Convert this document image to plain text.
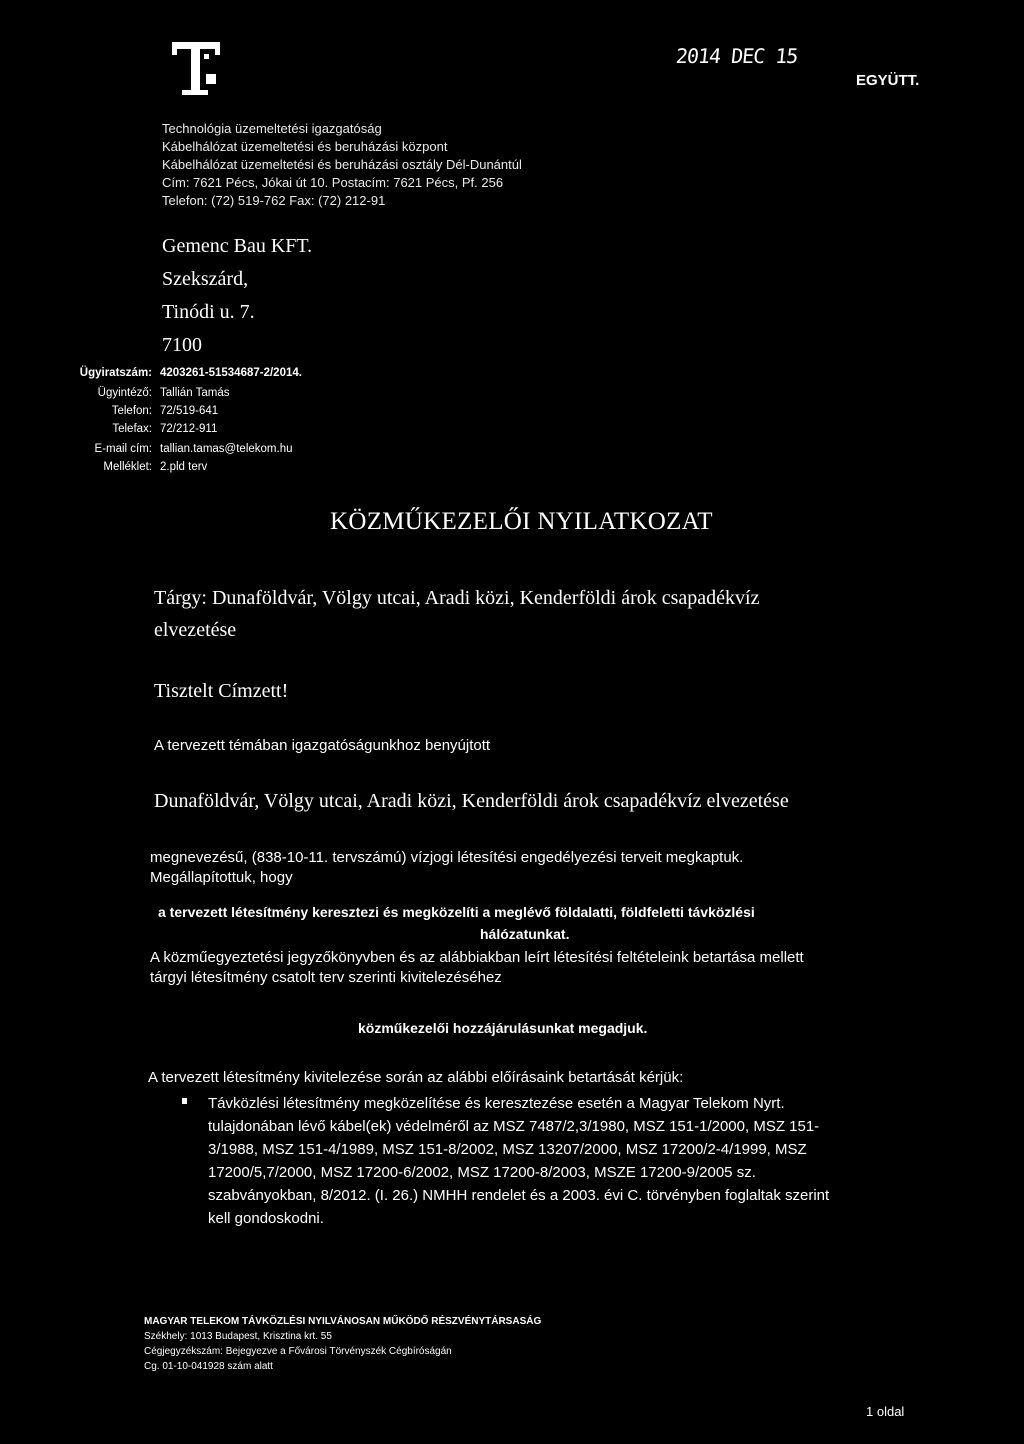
2014 DEC 15
EGYÜTT.
Technológia üzemeltetési igazgatóság
Kábelhálózat üzemeltetési és beruházási központ
Kábelhálózat üzemeltetési és beruházási osztály Dél-Dunántúl
Cím: 7621 Pécs, Jókai út 10. Postacím: 7621 Pécs, Pf. 256
Telefon: (72) 519-762 Fax: (72) 212-91
Gemenc Bau KFT.
Szekszárd,
Tinódi u. 7.
7100
Ügyiratszám: 4203261-51534687-2/2014.
Ügyintéző: Tallián Tamás
Telefon: 72/519-641
Telefax: 72/212-911
E-mail cím: tallian.tamas@telekom.hu
Melléklet: 2.pld terv
KÖZMŰKEZELŐI NYILATKOZAT
Tárgy: Dunaföldvár, Völgy utcai, Aradi közi, Kenderföldi árok csapadékvíz
elvezetése
Tisztelt Címzett!
A tervezett témában igazgatóságunkhoz benyújtott
Dunaföldvár, Völgy utcai, Aradi közi, Kenderföldi árok csapadékvíz elvezetése
megnevezésű, (838-10-11. tervszámú) vízjogi létesítési engedélyezési terveit megkaptuk.
Megállapítottuk, hogy
a tervezett létesítmény keresztezi és megközelíti a meglévő földalatti, földfeletti távközlési
hálózatunkat.
A közműegyeztetési jegyzőkönyvben és az alábbiakban leírt létesítési feltételeink betartása mellett
tárgyi létesítmény csatolt terv szerinti kivitelezéséhez
közműkezelői hozzájárulásunkat megadjuk.
A tervezett létesítmény kivitelezése során az alábbi előírásaink betartását kérjük:
Távközlési létesítmény megközelítése és keresztezése esetén a Magyar Telekom Nyrt.
tulajdonában lévő kábel(ek) védelméről az MSZ 7487/2,3/1980, MSZ 151-1/2000, MSZ 151-
3/1988, MSZ 151-4/1989, MSZ 151-8/2002, MSZ 13207/2000, MSZ 17200/2-4/1999, MSZ
17200/5,7/2000, MSZ 17200-6/2002, MSZ 17200-8/2003, MSZE 17200-9/2005 sz.
szabványokban, 8/2012. (I. 26.) NMHH rendelet és a 2003. évi C. törvényben foglaltak szerint
kell gondoskodni.
MAGYAR TELEKOM TÁVKÖZLÉSI NYILVÁNOSAN MŰKÖDŐ RÉSZVÉNYTÁRSASÁG
Székhely: 1013 Budapest, Krisztina krt. 55
Cégjegyzékszám: Bejegyezve a Fővárosi Törvényszék Cégbíróságán
Cg. 01-10-041928 szám alatt
1 oldal
